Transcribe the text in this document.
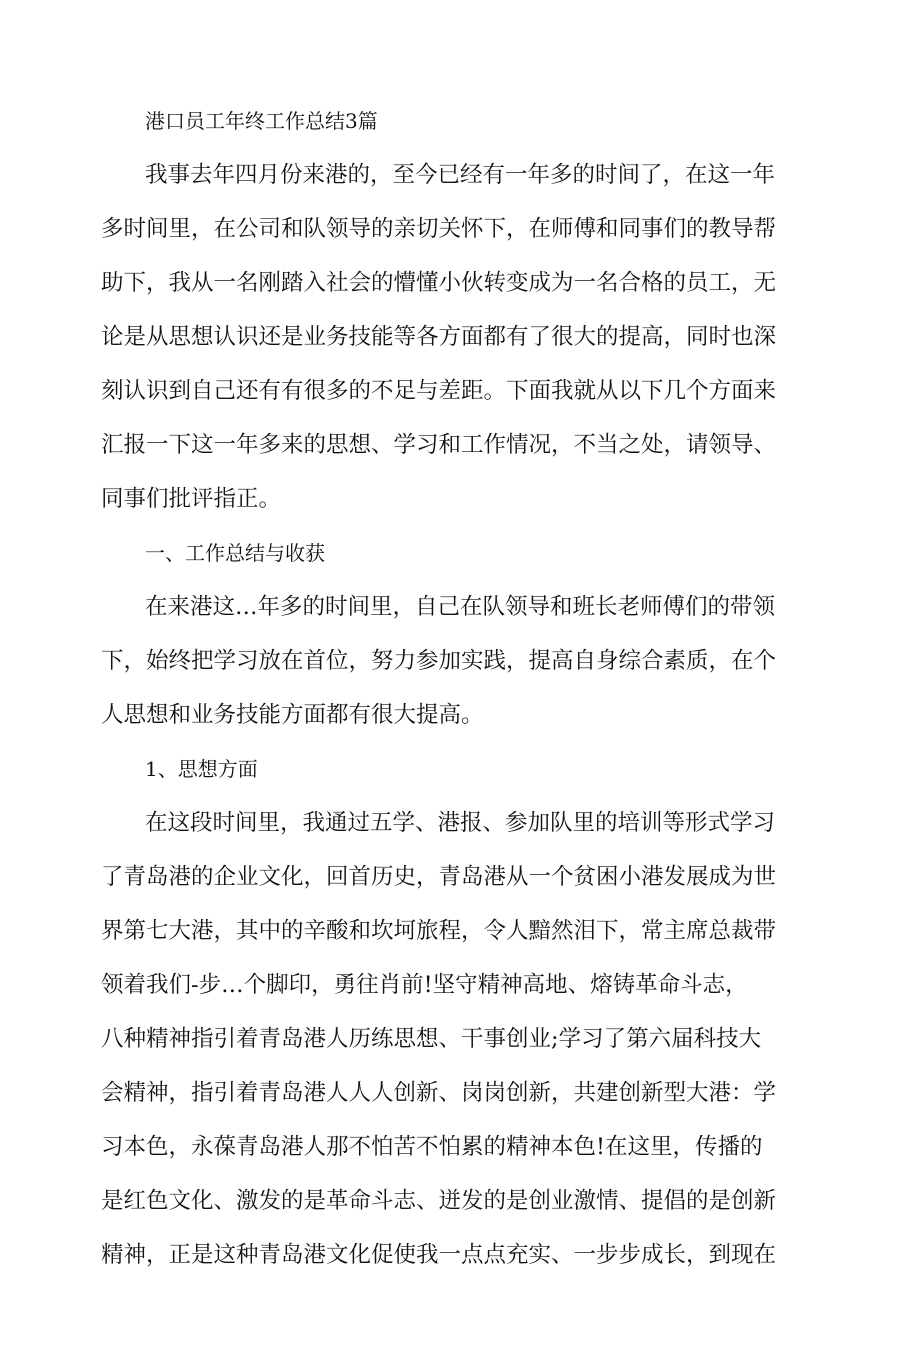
港口员工年终工作总结3篇
我事去年四月份来港的，至今已经有一年多的时间了，在这一年
多时间里，在公司和队领导的亲切关怀下，在师傅和同事们的教导帮
助下，我从一名刚踏入社会的懵懂小伙转变成为一名合格的员工，无
论是从思想认识还是业务技能等各方面都有了很大的提高，同时也深
刻认识到自己还有有很多的不足与差距。下面我就从以下几个方面来
汇报一下这一年多来的思想、学习和工作情况，不当之处，请领导、
同事们批评指正。
一、工作总结与收获
在来港这…年多的时间里，自己在队领导和班长老师傅们的带领
下，始终把学习放在首位，努力参加实践，提高自身综合素质，在个
人思想和业务技能方面都有很大提高。
1、思想方面
在这段时间里，我通过五学、港报、参加队里的培训等形式学习
了青岛港的企业文化，回首历史，青岛港从一个贫困小港发展成为世
界第七大港，其中的辛酸和坎坷旅程，令人黯然泪下，常主席总裁带
领着我们-步…个脚印，勇往肖前!坚守精神高地、熔铸革命斗志，
八种精神指引着青岛港人历练思想、干事创业;学习了第六届科技大
会精神，指引着青岛港人人人创新、岗岗创新，共建创新型大港：学
习本色，永葆青岛港人那不怕苦不怕累的精神本色!在这里，传播的
是红色文化、激发的是革命斗志、迸发的是创业激情、提倡的是创新
精神，正是这种青岛港文化促使我一点点充实、一步步成长，到现在
